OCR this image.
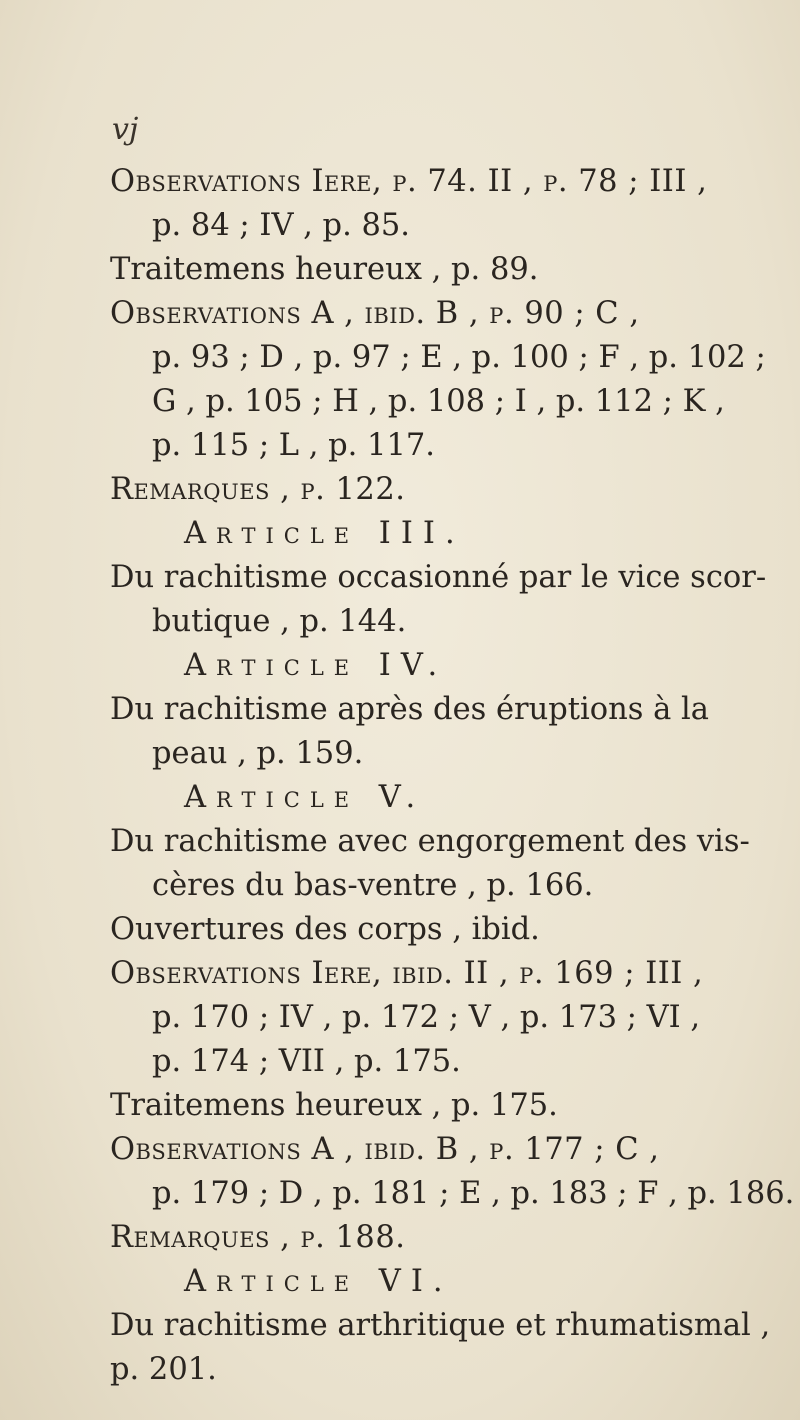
vj
Observations Iere, p. 74. II , p. 78 ; III ,
p. 84 ; IV , p. 85.
Traitemens heureux , p. 89.
Observations A , ibid. B , p. 90 ; C ,
p. 93 ; D , p. 97 ; E , p. 100 ; F , p. 102 ;
G , p. 105 ; H , p. 108 ; I , p. 112 ; K ,
p. 115 ; L , p. 117.
Remarques , p. 122.
Article III.
Du rachitisme occasionné par le vice scor-
butique , p. 144.
Article IV.
Du rachitisme après des éruptions à la
peau , p. 159.
Article V.
Du rachitisme avec engorgement des vis-
cères du bas-ventre , p. 166.
Ouvertures des corps , ibid.
Observations Iere, ibid. II , p. 169 ; III ,
p. 170 ; IV , p. 172 ; V , p. 173 ; VI ,
p. 174 ; VII , p. 175.
Traitemens heureux , p. 175.
Observations A , ibid. B , p. 177 ; C ,
p. 179 ; D , p. 181 ; E , p. 183 ; F , p. 186.
Remarques , p. 188.
Article VI.
Du rachitisme arthritique et rhumatismal ,
p. 201.
